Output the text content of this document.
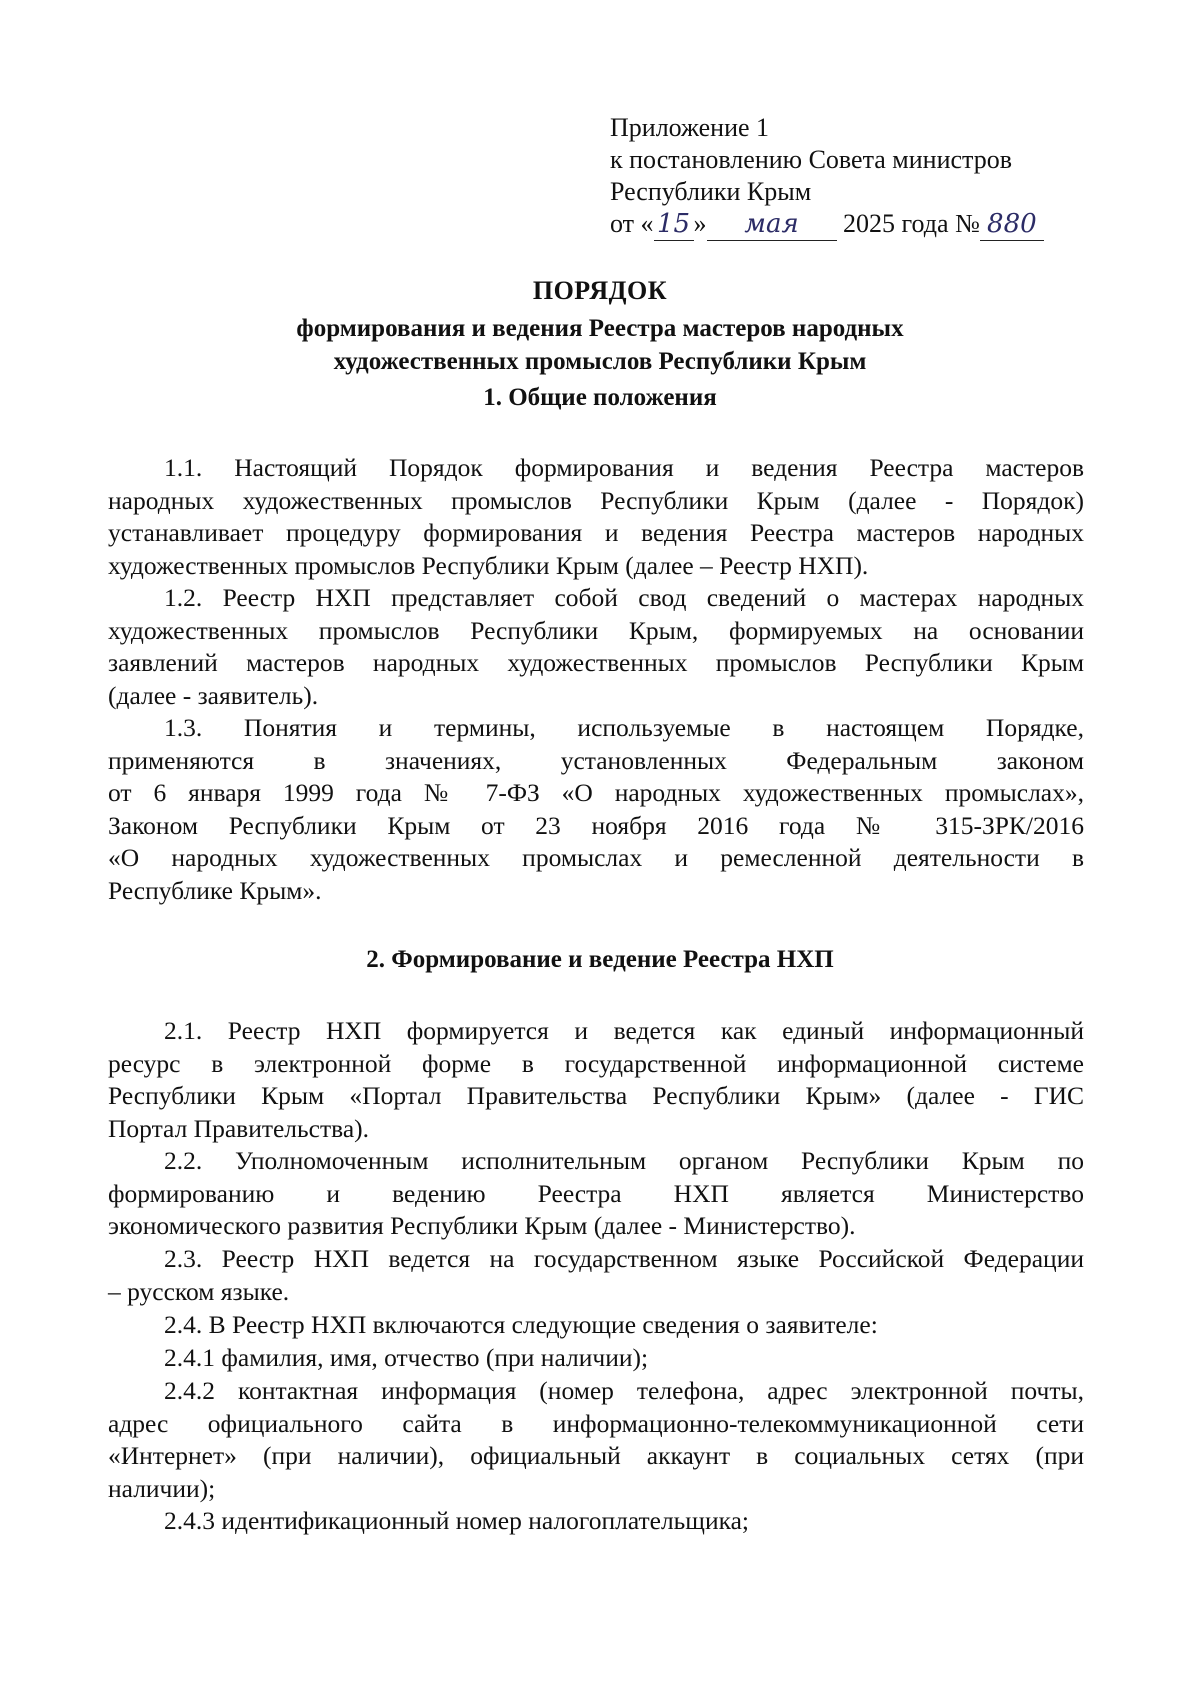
Приложение 1
к постановлению Совета министров
Республики Крым
от « 15 » мая 2025 года № 880
ПОРЯДОК
формирования и ведения Реестра мастеров народных
художественных промыслов Республики Крым
1. Общие положения
1.1. Настоящий Порядок формирования и ведения Реестра мастеров
народных художественных промыслов Республики Крым (далее - Порядок)
устанавливает процедуру формирования и ведения Реестра мастеров народных
художественных промыслов Республики Крым (далее – Реестр НХП).
1.2. Реестр НХП представляет собой свод сведений о мастерах народных
художественных промыслов Республики Крым, формируемых на основании
заявлений мастеров народных художественных промыслов Республики Крым
(далее - заявитель).
1.3. Понятия и термины, используемые в настоящем Порядке,
применяются в значениях, установленных Федеральным законом
от 6 января 1999 года № 7-ФЗ «О народных художественных промыслах»,
Законом Республики Крым от 23 ноября 2016 года № 315-ЗРК/2016
«О народных художественных промыслах и ремесленной деятельности в
Республике Крым».
2. Формирование и ведение Реестра НХП
2.1. Реестр НХП формируется и ведется как единый информационный
ресурс в электронной форме в государственной информационной системе
Республики Крым «Портал Правительства Республики Крым» (далее - ГИС
Портал Правительства).
2.2. Уполномоченным исполнительным органом Республики Крым по
формированию и ведению Реестра НХП является Министерство
экономического развития Республики Крым (далее - Министерство).
2.3. Реестр НХП ведется на государственном языке Российской Федерации
– русском языке.
2.4. В Реестр НХП включаются следующие сведения о заявителе:
2.4.1 фамилия, имя, отчество (при наличии);
2.4.2 контактная информация (номер телефона, адрес электронной почты,
адрес официального сайта в информационно-телекоммуникационной сети
«Интернет» (при наличии), официальный аккаунт в социальных сетях (при
наличии);
2.4.3 идентификационный номер налогоплательщика;
